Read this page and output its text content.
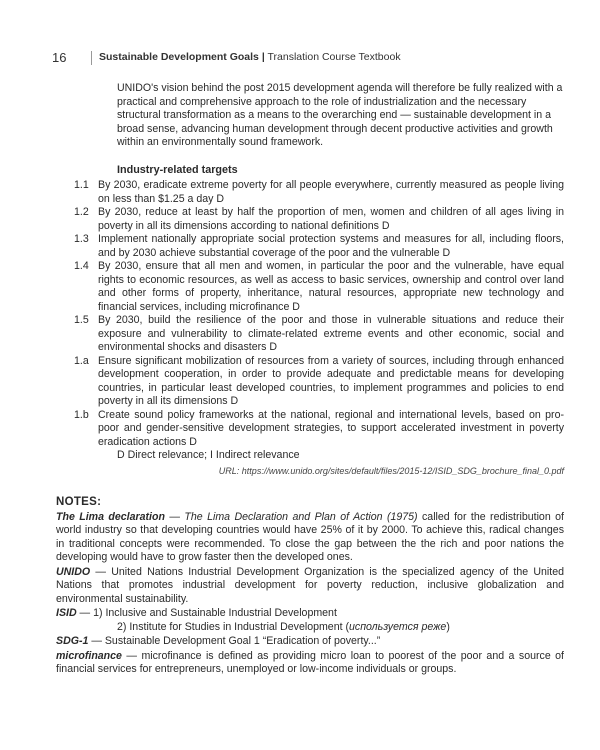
16	Sustainable Development Goals | Translation Course Textbook

UNIDO's vision behind the post 2015 development agenda will therefore be fully realized with a practical and comprehensive approach to the role of industrialization and the necessary structural transformation as a means to the overarching end — sustainable development in a broad sense, advancing human development through decent productive activities and growth within an environmentally sound framework.

Industry-related targets
1.1 By 2030, eradicate extreme poverty for all people everywhere, currently measured as people living on less than $1.25 a day D
1.2 By 2030, reduce at least by half the proportion of men, women and children of all ages living in poverty in all its dimensions according to national definitions D
1.3 Implement nationally appropriate social protection systems and measures for all, including floors, and by 2030 achieve substantial coverage of the poor and the vulnerable D
1.4 By 2030, ensure that all men and women, in particular the poor and the vulnerable, have equal rights to economic resources, as well as access to basic services, ownership and control over land and other forms of property, inheritance, natural resources, appropriate new technology and financial services, including microfinance D
1.5 By 2030, build the resilience of the poor and those in vulnerable situations and reduce their exposure and vulnerability to climate-related extreme events and other economic, social and environmental shocks and disasters D
1.a Ensure significant mobilization of resources from a variety of sources, including through enhanced development cooperation, in order to provide adequate and predictable means for developing countries, in particular least developed countries, to implement programmes and policies to end poverty in all its dimensions D
1.b Create sound policy frameworks at the national, regional and international levels, based on pro-poor and gender-sensitive development strategies, to support accelerated investment in poverty eradication actions D
D Direct relevance; I Indirect relevance
URL: https://www.unido.org/sites/default/files/2015-12/ISID_SDG_brochure_final_0.pdf
NOTES:
The Lima declaration — The Lima Declaration and Plan of Action (1975) called for the redistribution of world industry so that developing countries would have 25% of it by 2000. To achieve this, radical changes in traditional concepts were recommended. To close the gap between the the rich and poor nations the developing would have to grow faster then the developed ones.
UNIDO — United Nations Industrial Development Organization is the specialized agency of the United Nations that promotes industrial development for poverty reduction, inclusive globalization and environmental sustainability.
ISID — 1) Inclusive and Sustainable Industrial Development
2) Institute for Studies in Industrial Development (используется реже)
SDG-1 — Sustainable Development Goal 1 “Eradication of poverty...”
microfinance — microfinance is defined as providing micro loan to poorest of the poor and a source of financial services for entrepreneurs, unemployed or low-income individuals or groups.
